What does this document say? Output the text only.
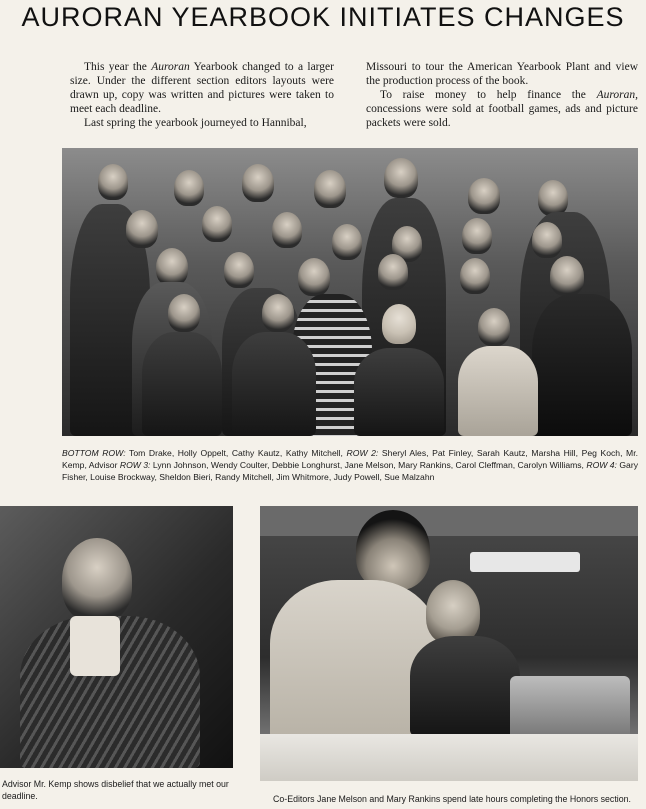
AURORAN YEARBOOK INITIATES CHANGES

This year the Auroran Yearbook changed to a larger size. Under the different section editors layouts were drawn up, copy was written and pictures were taken to meet each deadline.

Last spring the yearbook journeyed to Hannibal,

Missouri to tour the American Yearbook Plant and view the production process of the book.

To raise money to help finance the Auroran, concessions were sold at football games, ads and picture packets were sold.

BOTTOM ROW: Tom Drake, Holly Oppelt, Cathy Kautz, Kathy Mitchell, ROW 2: Sheryl Ales, Pat Finley, Sarah Kautz, Marsha Hill, Peg Koch, Mr. Kemp, Advisor ROW 3: Lynn Johnson, Wendy Coulter, Debbie Longhurst, Jane Melson, Mary Rankins, Carol Cleffman, Carolyn Williams, ROW 4: Gary Fisher, Louise Brockway, Sheldon Bieri, Randy Mitchell, Jim Whitmore, Judy Powell, Sue Malzahn
Advisor Mr. Kemp shows disbelief that we actually met our deadline.	Co-Editors Jane Melson and Mary Rankins spend late hours completing the Honors section.
